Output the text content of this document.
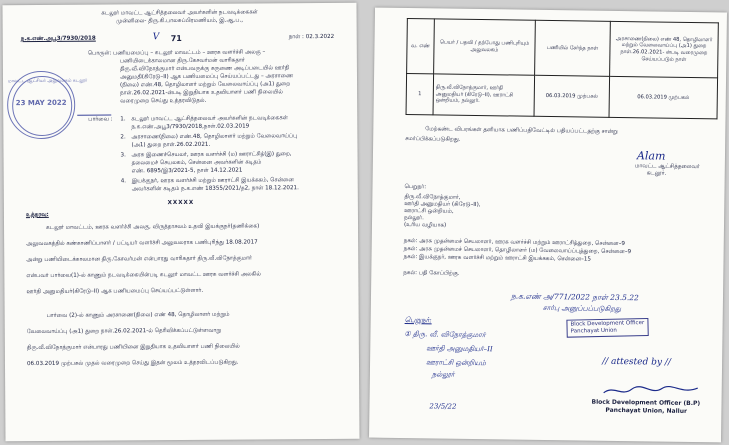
கடலூர் மாவட்ட ஆட்சித்தலைவர் அவர்களின் நடவடிக்கைகள்
முன்னிலை- திரு.கி.பாலசுப்பிரமணியம், இ.ஆ.ப.,
ந.க.எண்.அபூ3/7930/2018	V 71	நாள் : 02.3.2022
பொருள்: பணியமைப்பு – கடலூர் மாவட்டம் – ஊரக வளர்ச்சி அலகு –
பணியிடைக்காலமான திரு.கேசவர்மன் வாரிசுதார்
திரு.வீ.விநோத்குமார் என்பவருக்கு கருணை அடிப்படையில் ஊர்தி
அனுமதி(கிரேடு–II) ஆக பணியமைப்பு செய்யப்பட்டது – அரசாணை
(நிலை) எண்.48, தொழிலாளர் மற்றும் வேலைவாய்ப்பு (அ1) துறை
நாள்.26.02.2021-ன்படி இறுதியாக உதவியாளர் பணி நிலையில்
வரைமுறை செய்து உத்தரவிடுதல்.
பார்வை : 1. கடலூர் மாவட்ட ஆட்சித்தலைவர் அவர்களின் நடவடிக்கைகள்
ந.க.எண்.அபூ3/7930/2018,நாள்.02.03.2019
2. அரசாணை(நிலை) எண்.48, தொழிலாளர் மற்றும் வேலைவாய்ப்பு
(அ1) துறை நாள்.26.02.2021.
3. அரசு இணைச்செயலர், ஊரக வளர்ச்சி (ம) ஊராட்சித்(இ) துறை,
தலைமைச் செயலகம், சென்னை அவர்களின் கடிதம்
எண். 6895/இ3/2021-5, நாள் 14.12.2021
4. இயக்குநர், ஊரக வளர்ச்சி மற்றும் ஊராட்சி இயக்ககம், சென்னை
அவர்களின் கடிதம் ந.க.எண் 18355/2021/த2, நாள் 18.12.2021.
XXXXX
உத்தரவு:
கடலூர் மாவட்டம், ஊரக வளர்ச்சி அலகு, விருத்தாசலம் உதவி இயக்குநர்(தணிக்கை)
அலுவலகத்தில் கண்காணிப்பாளர் / பட்டியர் வளர்ச்சி அலுவலராக பணிபுரிந்து 18.08.2017
அன்று பணியிடைக்காலமான திரு.கேசவர்மன் என்பாரது வாரிசுதார் திரு.வீ.விநோத்குமார்
என்பவர் பார்வை(1)-ல் காணும் நடவடிக்கையின்படி கடலூர் மாவட்ட ஊரக வளர்ச்சி அலகில்
ஊர்தி அனுமதியர்(கிரேடு–II) ஆக பணியமைப்பு செய்யப்பட்டுள்ளார்.
பார்வை (2)-ல் காணும் அரசாணை(நிலை) எண் 48, தொழிலாளர் மற்றும்
வேலைவாய்ப்பு (அ1) துறை நாள்.26.02.2021-ல் தெரிவிக்கப்பட்டுள்ளவாறு
திரு.வீ.விநோத்குமார் என்பாரது பணியினை இறுதியாக உதவியாளர் பணி நிலையில்
06.03.2019 முற்பகல் முதல் வரைமுறை செய்து இதன் மூலம் உத்தரவிடப்படுகிறது.
மாவட்ட ஆட்சியர் அலுவலகம் கடலூர்
23 MAY 2022
வ. எண்	பெயர் / பதவி / தற்போது பணிபுரியும் அலுவலகம்	பணியில் சேர்ந்த நாள்	அரசாணை(நிலை) எண் 48, தொழிலாளர் மற்றும் வேலைவாய்ப்பு (அ1) துறை நாள்.26.02.2021- ன்படி வரைமுறை செய்யப்படும் நாள்
1	திரு.வீ.விநோத்குமார், ஊர்தி அனுமதியர் (கிரேடு–II), ஊராட்சி ஒன்றியம், நல்லூர்.	06.03.2019 முற்பகல்	06.03.2019 முற்பகல்
மேற்கண்ட விபரங்கள் தனியாக பணிப்பதிவேட்டில் பதியப்பட்டதற்கு சான்று
சமர்ப்பிக்கப்படுகிறது.
Alam
மாவட்ட ஆட்சித்தலைவர்
கடலூர்.
பெறுநர்:
திரு.வீ.விநோத்குமார்,
ஊர்தி அனுமதியர் (கிரேடு–II),
ஊராட்சி ஒன்றியம்,
நல்லூர்.
(உரிய வழியாக)
நகல்: அரசு முதன்மைச் செயலாளர், ஊரக வளர்ச்சி மற்றும் ஊராட்சித்துறை, சென்னை–9
நகல்: அரசு முதன்மைச் செயலாளர், தொழிலாளர் (ம) வேலைவாய்ப்புத்துறை, சென்னை–9
நகல்: இயக்குநர், ஊரக வளர்ச்சி மற்றும் ஊராட்சி இயக்ககம், சென்னை–15
நகல்: பதி கோப்பிற்கு.
ந.க.எண் அ/771/2022 நாள் 23.5.22
சார்பு அனுப்பப்படுகிறது
பெறுநர்:
① திரு. வீ. விநோத்குமார்
ஊர்தி அனுமதியர்–II
ஊராட்சி ஒன்றியம்
நல்லூர்
Block Development Officer
Panchayat Union
// attested by //
Block Development Officer (B.P)
Panchayat Union, Nallur
23/5/22
